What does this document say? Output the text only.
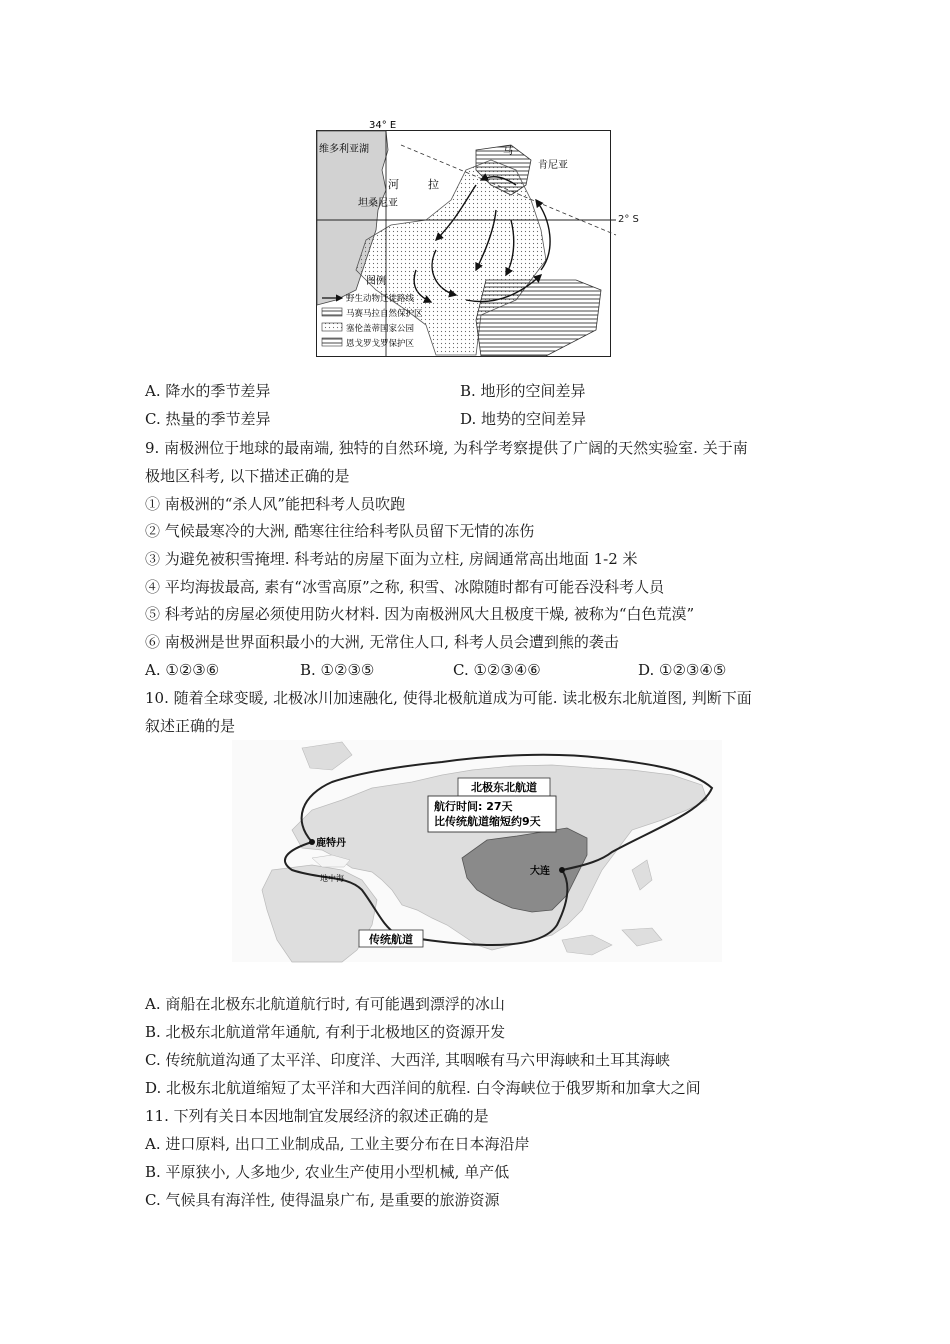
34° E
维多利亚湖	马
肯尼亚
河	拉
坦桑尼亚
图例
野生动物迁徙路线
马赛马拉自然保护区
塞伦盖蒂国家公园
恩戈罗戈罗保护区
2° S
A. 降水的季节差异	B. 地形的空间差异
C. 热量的季节差异	D. 地势的空间差异
9. 南极洲位于地球的最南端, 独特的自然环境, 为科学考察提供了广阔的天然实验室. 关于南
极地区科考, 以下描述正确的是
① 南极洲的“杀人风”能把科考人员吹跑
② 气候最寒冷的大洲, 酷寒往往给科考队员留下无情的冻伤
③ 为避免被积雪掩埋. 科考站的房屋下面为立柱, 房阔通常高出地面 1-2 米
④ 平均海拔最高, 素有“冰雪高原”之称, 积雪、冰隙随时都有可能吞没科考人员
⑤ 科考站的房屋必须使用防火材料. 因为南极洲风大且极度干燥, 被称为“白色荒漠”
⑥ 南极洲是世界面积最小的大洲, 无常住人口, 科考人员会遭到熊的袭击
A. ①②③⑥	B. ①②③⑤	C. ①②③④⑥	D. ①②③④⑤
10. 随着全球变暖, 北极冰川加速融化, 使得北极航道成为可能. 读北极东北航道图, 判断下面
叙述正确的是
北极东北航道
航行时间: 27天
比传统航道缩短约9天
鹿特丹
大连
地中海
传统航道
A. 商船在北极东北航道航行时, 有可能遇到漂浮的冰山
B. 北极东北航道常年通航, 有利于北极地区的资源开发
C. 传统航道沟通了太平洋、印度洋、大西洋, 其咽喉有马六甲海峡和土耳其海峡
D. 北极东北航道缩短了太平洋和大西洋间的航程. 白令海峡位于俄罗斯和加拿大之间
11. 下列有关日本因地制宜发展经济的叙述正确的是
A. 进口原料, 出口工业制成品, 工业主要分布在日本海沿岸
B. 平原狭小, 人多地少, 农业生产使用小型机械, 单产低
C. 气候具有海洋性, 使得温泉广布, 是重要的旅游资源
